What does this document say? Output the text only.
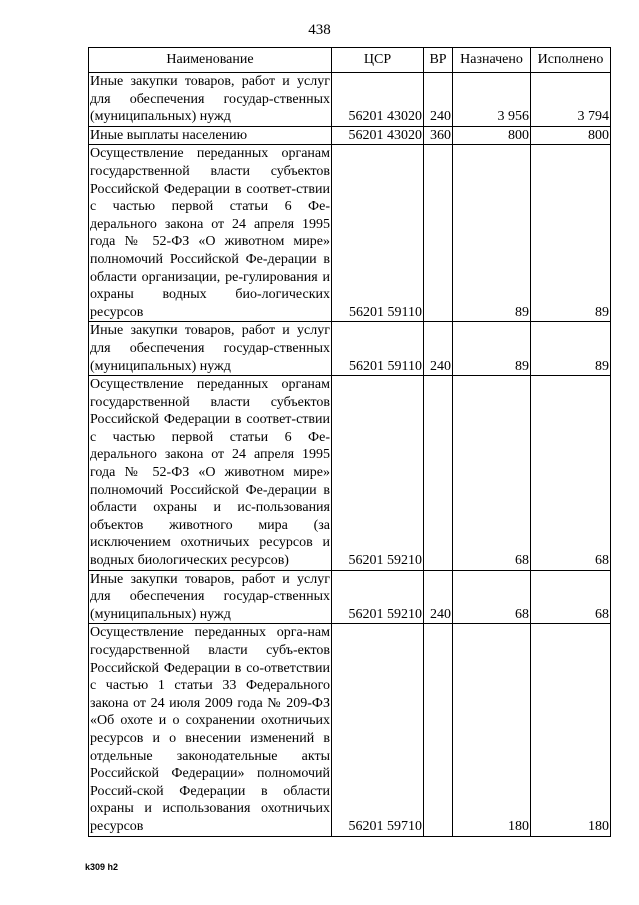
438
Наименование	ЦСР	ВР	Назначено	Исполнено
Иные закупки товаров, работ и услуг для обеспечения государ-ственных (муниципальных) нужд	56201 43020	240	3 956	3 794
Иные выплаты населению	56201 43020	360	800	800
Осуществление переданных органам государственной власти субъектов Российской Федерации в соответ-ствии с частью первой статьи 6 Фе-дерального закона от 24 апреля 1995 года № 52-ФЗ «О животном мире» полномочий Российской Фе-дерации в области организации, ре-гулирования и охраны водных био-логических ресурсов	56201 59110		89	89
Иные закупки товаров, работ и услуг для обеспечения государ-ственных (муниципальных) нужд	56201 59110	240	89	89
Осуществление переданных органам государственной власти субъектов Российской Федерации в соответ-ствии с частью первой статьи 6 Фе-дерального закона от 24 апреля 1995 года № 52-ФЗ «О животном мире» полномочий Российской Фе-дерации в области охраны и ис-пользования объектов животного мира (за исключением охотничьих ресурсов и водных биологических ресурсов)	56201 59210		68	68
Иные закупки товаров, работ и услуг для обеспечения государ-ственных (муниципальных) нужд	56201 59210	240	68	68
Осуществление переданных орга-нам государственной власти субъ-ектов Российской Федерации в со-ответствии с частью 1 статьи 33 Федерального закона от 24 июля 2009 года № 209-ФЗ «Об охоте и о сохранении охотничьих ресурсов и о внесении изменений в отдельные законодательные акты Российской Федерации» полномочий Россий-ской Федерации в области охраны и использования охотничьих ресурсов	56201 59710		180	180
k309 h2
